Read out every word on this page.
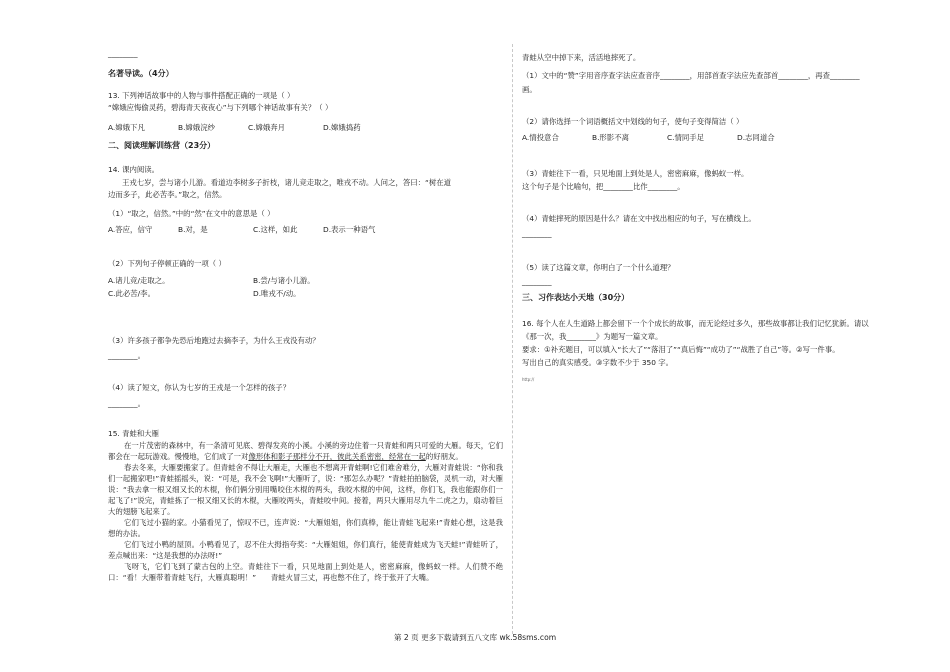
________
名著导读。（4分）
13. 下列神话故事中的人物与事件搭配正确的一项是（ ）
“嫦娥应悔偷灵药，碧海青天夜夜心”与下列哪个神话故事有关？（ ）
A.嫦娥下凡	B.嫦娥浣纱	C.嫦娥奔月	D.嫦娥捣药
二、阅读理解训练营（23分）
14. 课内阅读。
王戎七岁，尝与诸小儿游。看道边李树多子折枝，诸儿竞走取之，唯戎不动。人问之，答曰：“树在道
边而多子，此必苦李。”取之，信然。
（1）“取之，信然。”中的“然”在文中的意思是（ ）
A.答应，信守	B.对，是	C.这样，如此	D.表示一种语气
（2）下列句子停顿正确的一项（ ）
A.诸儿竞/走取之。	B.尝/与诸小儿游。
C.此必苦/李。	D.唯戎不/动。
（3）许多孩子都争先恐后地跑过去摘李子，为什么王戎没有动？
________。
（4）读了短文，你认为七岁的王戎是一个怎样的孩子？
________。
15. 青蛙和大雁

在一片茂密的森林中，有一条清可见底、碧得发亮的小溪。小溪的旁边住着一只青蛙和两只可爱的大雁。每天，它们都会在一起玩游戏。慢慢地，它们成了一对像形体和影子那样分不开，彼此关系密密，经常在一起的好朋友。

春去冬来，大雁要搬家了。但青蛙舍不得让大雁走，大雁也不想离开青蛙啊!它们难舍难分，大雁对青蛙说：“你和我们一起搬家吧!”青蛙摇摇头，说：“可是，我不会飞啊!”大雁听了，说：“那怎么办呢？”青蛙拍拍脑袋，灵机一动，对大雁说：“我去拿一根又细又长的木棍，你们俩分别用嘴咬住木棍的两头，我咬木棍的中间，这样，你们飞，我也能跟你们一起飞了!”说完，青蛙拣了一根又细又长的木棍，大雁咬两头，青蛙咬中间。接着，两只大雁用尽九牛二虎之力，扇动着巨大的翅膀飞起来了。

它们飞过小猫的家。小猫看见了，惊叹不已，连声说：“大雁姐姐，你们真棒，能让青蛙飞起来!”青蛙心想，这是我想的办法。

它们飞过小鸭的屋顶。小鸭看见了，忍不住大拇指夸奖：“大雁姐姐，你们真行，能使青蛙成为飞天蛙!”青蛙听了，差点喊出来：“这是我想的办法呀!”

飞呀飞，它们飞到了蒙古包的上空。青蛙往下一看，只见地面上到处是人，密密麻麻，像蚂蚁一样。人们赞不绝口：“看！大雁带着青蛙飞行，大雁真聪明！”　　青蛙火冒三丈，再也憋不住了，终于张开了大嘴。

青蛙从空中掉下来，活活地摔死了。
（1）文中的“赞”字用音序查字法应查音序________，用部首查字法应先查部首________，再查________
画。
（2）请你选择一个词语概括文中划线的句子，使句子变得简洁（ ）
A.情投意合	B.形影不离	C.情同手足	D.志同道合
（3）青蛙往下一看，只见地面上到处是人，密密麻麻，像蚂蚁一样。
这个句子是个比喻句，把________比作________。
（4）青蛙摔死的原因是什么？请在文中找出相应的句子，写在横线上。
________
（5）读了这篇文章，你明白了一个什么道理？
________
三、习作表达小天地（30分）
16. 每个人在人生道路上都会留下一个个成长的故事，而无论经过多久，那些故事都让我们记忆犹新。请以
《那一次，我________》为题写一篇文章。
要求：①补充题目，可以填入“长大了”“落泪了”“真后悔”“成功了”“战胜了自己”等。②写一件事。
写出自己的真实感受。③字数不少于 350 字。
http://
第 2 页 更多下载请到五八文库 wk.58sms.com
